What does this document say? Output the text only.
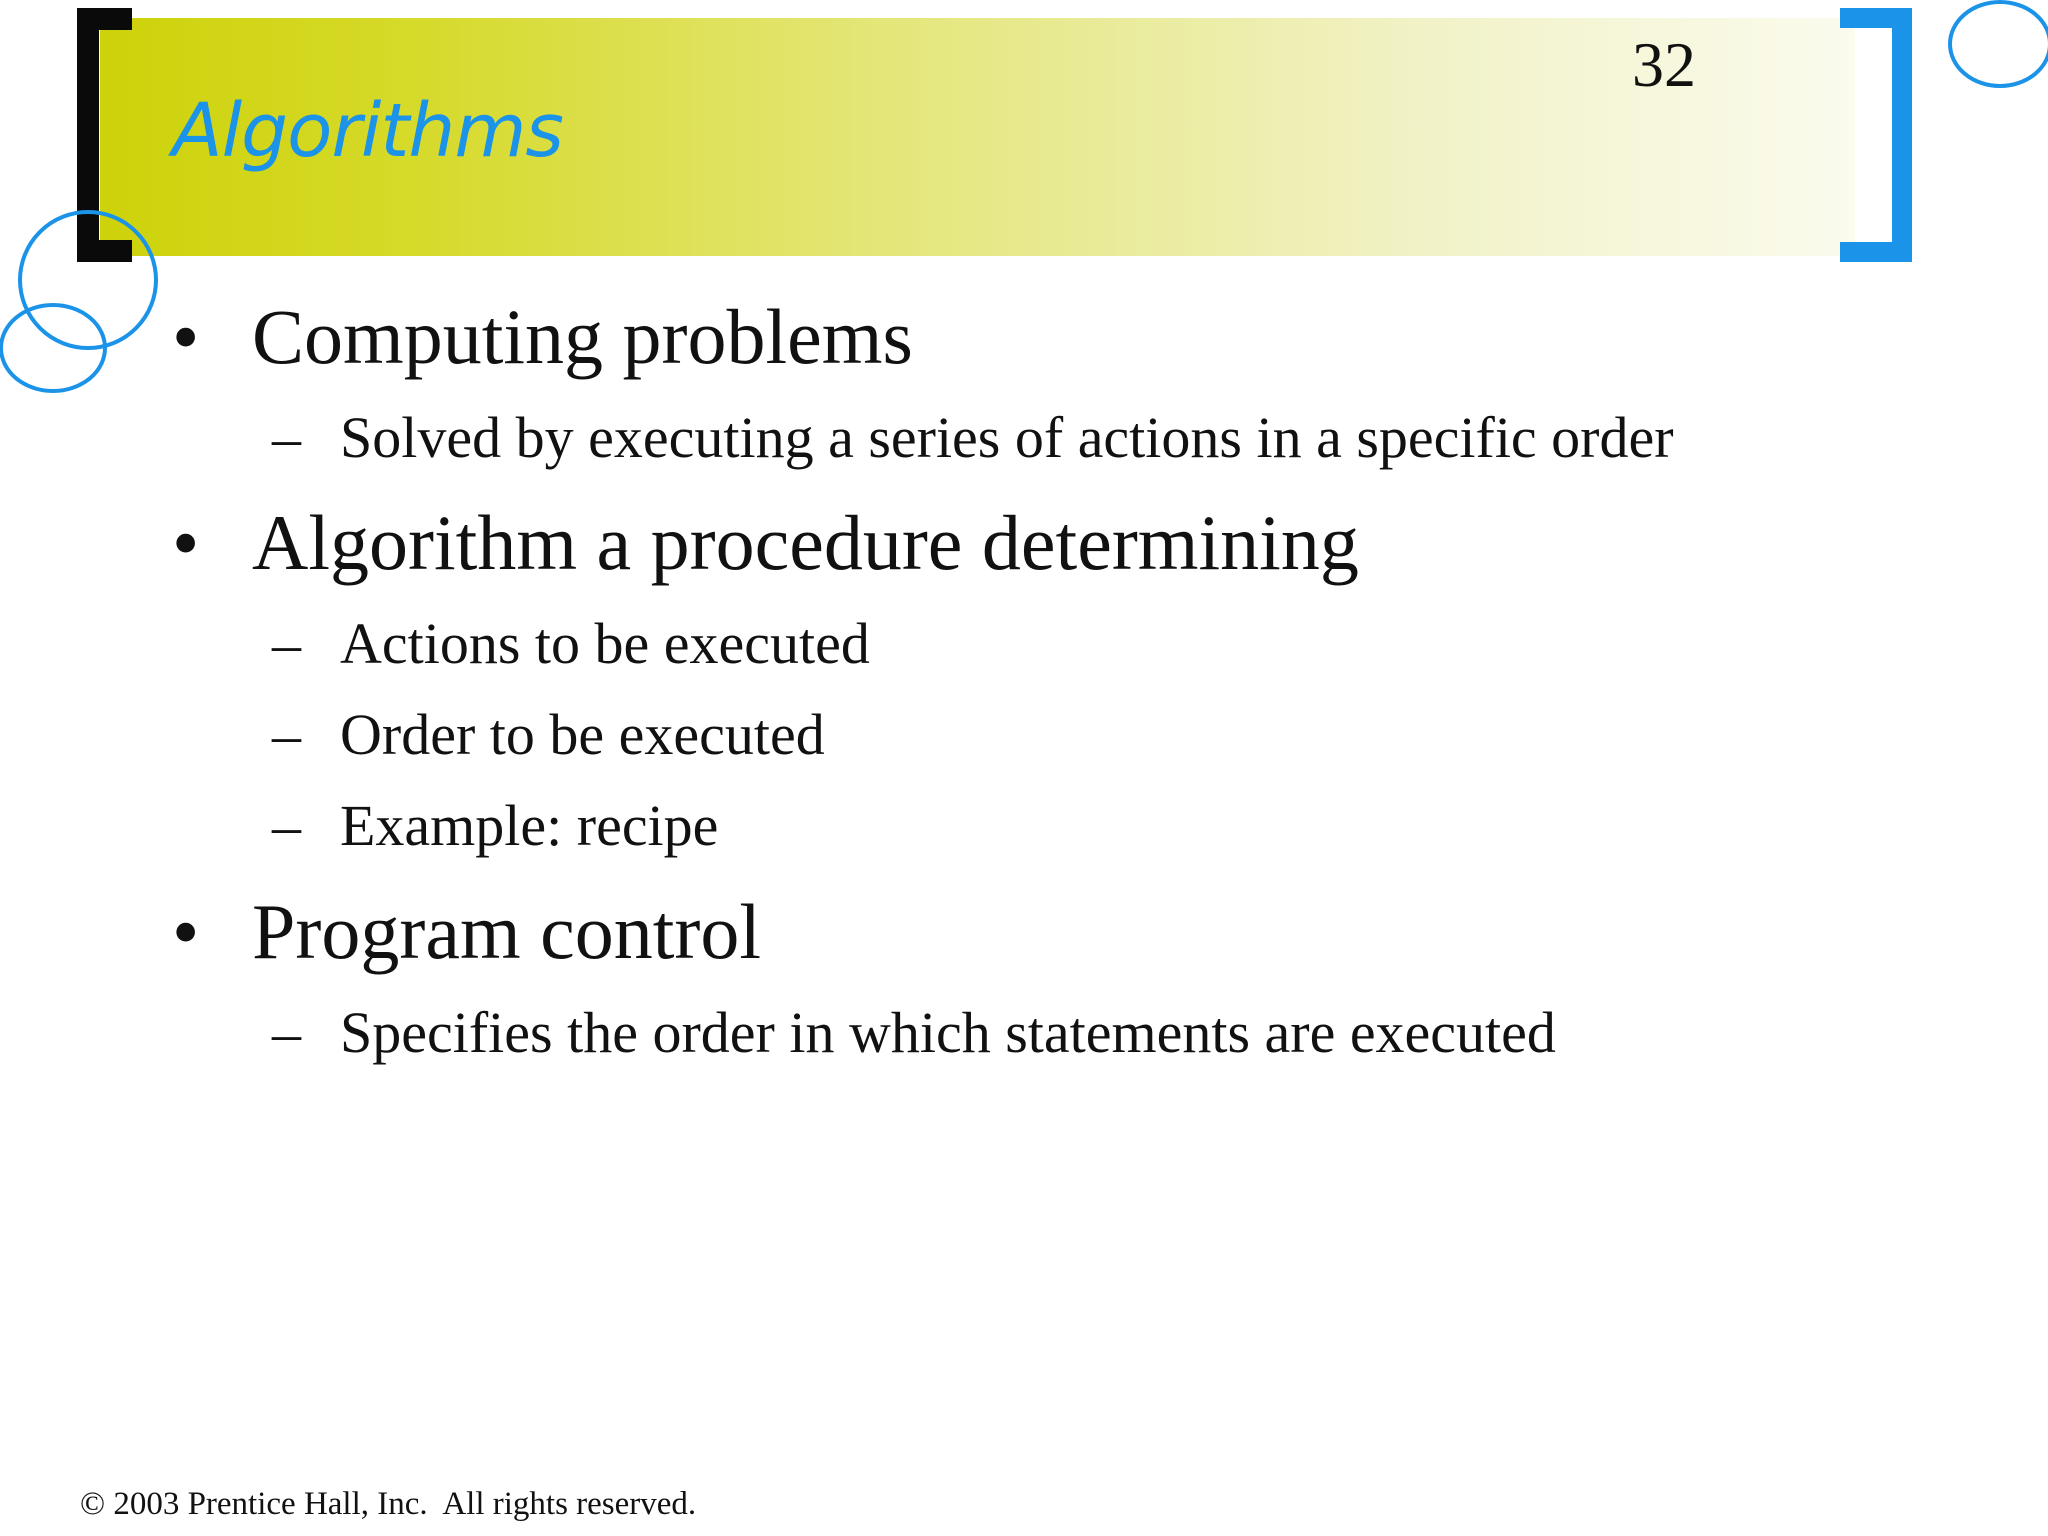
Algorithms
32
• Computing problems
– Solved by executing a series of actions in a specific order
• Algorithm a procedure determining
– Actions to be executed
– Order to be executed
– Example: recipe
• Program control
– Specifies the order in which statements are executed
© 2003 Prentice Hall, Inc.  All rights reserved.
